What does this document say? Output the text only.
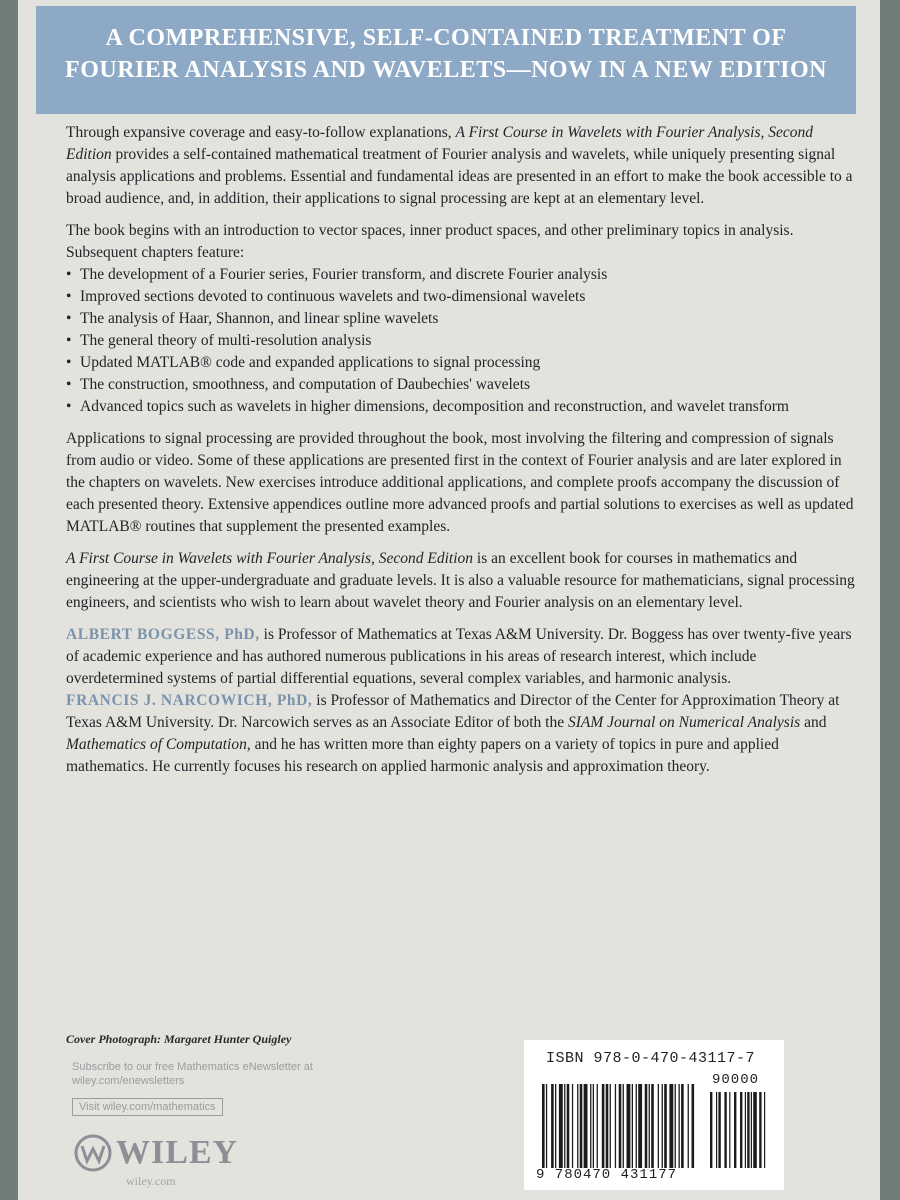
A COMPREHENSIVE, SELF-CONTAINED TREATMENT OF
FOURIER ANALYSIS AND WAVELETS—NOW IN A NEW EDITION

Through expansive coverage and easy-to-follow explanations, A First Course in Wavelets with Fourier Analysis, Second Edition provides a self-contained mathematical treatment of Fourier analysis and wavelets, while uniquely presenting signal analysis applications and problems. Essential and fundamental ideas are presented in an effort to make the book accessible to a broad audience, and, in addition, their applications to signal processing are kept at an elementary level.

The book begins with an introduction to vector spaces, inner product spaces, and other preliminary topics in analysis. Subsequent chapters feature:

• The development of a Fourier series, Fourier transform, and discrete Fourier analysis
• Improved sections devoted to continuous wavelets and two-dimensional wavelets
• The analysis of Haar, Shannon, and linear spline wavelets
• The general theory of multi-resolution analysis
• Updated MATLAB® code and expanded applications to signal processing
• The construction, smoothness, and computation of Daubechies' wavelets
• Advanced topics such as wavelets in higher dimensions, decomposition and reconstruction, and wavelet transform

Applications to signal processing are provided throughout the book, most involving the filtering and compression of signals from audio or video. Some of these applications are presented first in the context of Fourier analysis and are later explored in the chapters on wavelets. New exercises introduce additional applications, and complete proofs accompany the discussion of each presented theory. Extensive appendices outline more advanced proofs and partial solutions to exercises as well as updated MATLAB® routines that supplement the presented examples.

A First Course in Wavelets with Fourier Analysis, Second Edition is an excellent book for courses in mathematics and engineering at the upper-undergraduate and graduate levels. It is also a valuable resource for mathematicians, signal processing engineers, and scientists who wish to learn about wavelet theory and Fourier analysis on an elementary level.

ALBERT BOGGESS, PhD, is Professor of Mathematics at Texas A&M University. Dr. Boggess has over twenty-five years of academic experience and has authored numerous publications in his areas of research interest, which include overdetermined systems of partial differential equations, several complex variables, and harmonic analysis.

FRANCIS J. NARCOWICH, PhD, is Professor of Mathematics and Director of the Center for Approximation Theory at Texas A&M University. Dr. Narcowich serves as an Associate Editor of both the SIAM Journal on Numerical Analysis and Mathematics of Computation, and he has written more than eighty papers on a variety of topics in pure and applied mathematics. He currently focuses his research on applied harmonic analysis and approximation theory.

Cover Photograph: Margaret Hunter Quigley
Subscribe to our free Mathematics eNewsletter at wiley.com/enewsletters
Visit wiley.com/mathematics
WILEY
wiley.com
ISBN 978-0-470-43117-7
90000
9 780470 431177
